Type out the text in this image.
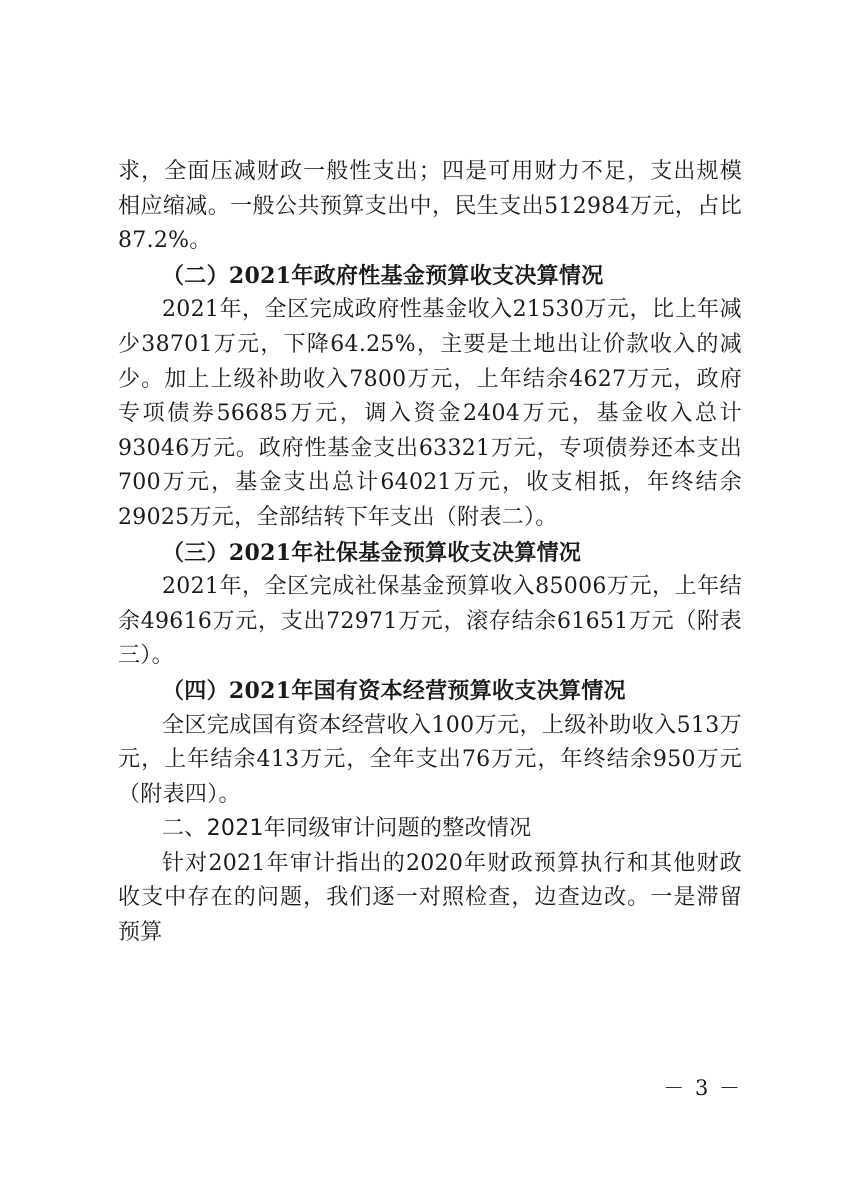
求，全面压减财政一般性支出；四是可用财力不足，支出规模相应缩减。一般公共预算支出中，民生支出512984万元，占比87.2%。

（二）2021年政府性基金预算收支决算情况

2021年，全区完成政府性基金收入21530万元，比上年减少38701万元，下降64.25%，主要是土地出让价款收入的减少。加上上级补助收入7800万元，上年结余4627万元，政府专项债券56685万元，调入资金2404万元，基金收入总计93046万元。政府性基金支出63321万元，专项债券还本支出700万元，基金支出总计64021万元，收支相抵，年终结余29025万元，全部结转下年支出（附表二）。

（三）2021年社保基金预算收支决算情况

2021年，全区完成社保基金预算收入85006万元，上年结余49616万元，支出72971万元，滚存结余61651万元（附表三）。

（四）2021年国有资本经营预算收支决算情况

全区完成国有资本经营收入100万元，上级补助收入513万元，上年结余413万元，全年支出76万元，年终结余950万元（附表四）。

二、2021年同级审计问题的整改情况

针对2021年审计指出的2020年财政预算执行和其他财政收支中存在的问题，我们逐一对照检查，边查边改。一是滞留预算

－ 3 －
